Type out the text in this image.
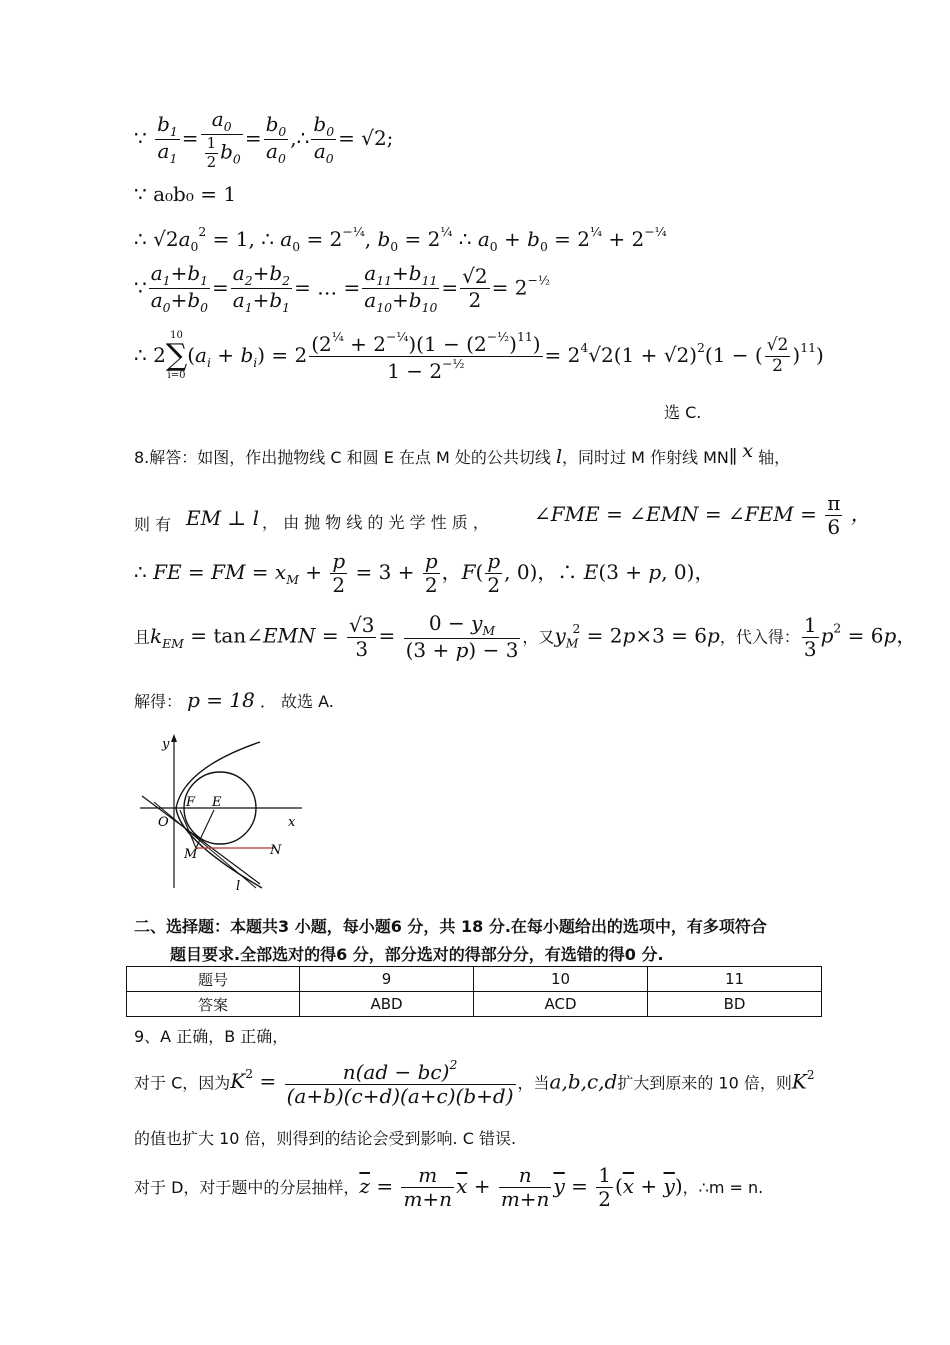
∵ $\frac{b_1}{a_1} = \frac{a_0}{\frac{1}{2} b_0} = \frac{b_0}{a_0}$ ,∴ $\frac{b_0}{a_0} = √2$;
∵ a₀b₀ = 1
∴ $√2a_0^2 = 1$, ∴ $a_0 = 2^{-\frac{1}{4}}$, $b_0 = 2^{\frac{1}{4}}$ ∴ $a_0 + b_0 = 2^{\frac{1}{4}} + 2^{-\frac{1}{4}}$
∵ $\frac{a_1+b_1}{a_0+b_0} = \frac{a_2+b_2}{a_1+b_1}$ = … = $\frac{a_{11}+b_{11}}{a_{10}+b_{10}} = \frac{√2}{2} = 2^{-\frac{1}{2}}$
∴ 2
10
∑
i=0
$(a_i + b_i) = 2 \frac{(2^{\frac{1}{4}} + 2^{-\frac{1}{4}})(1 - (2^{-\frac{1}{2}})^{11})}{1 - 2^{-\frac{1}{2}}} = 2^4√2(1 + √2)^2(1$ − ( $\frac{√2}{2} )^{11}$)
选 C.
8.解答：如图，作出抛物线 C 和圆 E 在点 M 处的公共切线 l，同时过 M 作射线 MN∥ x 轴，
则 有 EM ⊥ l ， 由 抛 物 线 的 光 学 性 质 ， ∠FME = ∠EMN = ∠FEM = $\frac{\pi}{6}$ ，
∴ FE = FM = $x_M + \frac{p}{2} = 3 + \frac{p}{2}$ ，$F( \frac{p}{2}$ , 0)，∴ E(3 + p, 0)，
且$k_{EM}$ = tan∠EMN = $\frac{√3}{3} = \frac{0 - y_M}{(3 + p) - 3}$ ，又$y_M^2 = 2p\times 3 = 6p$，代入得： $\frac{1}{3} p^2 = 6p$，
解得： p = 18 ． 故选 A.
y
x
O
F E
M	N
l
二、选择题：本题共3 小题，每小题6 分，共 18 分.在每小题给出的选项中，有多项符合
题目要求.全部选对的得6 分，部分选对的得部分分，有选错的得0 分.
题号	9	10	11
答案	ABD	ACD	BD
9、A 正确，B 正确，
对于 C，因为$K^2 = \frac{n(ad - bc)^2}{(a+b)(c+d)(a+c)(b+d)}$ ，当a,b,c,d扩大到原来的 10 倍，则$K^2$
的值也扩大 10 倍，则得到的结论会受到影响. C 错误.
对于 D，对于题中的分层抽样，$\overline{z} = \frac{m}{m+n} \overline{x} + \frac{n}{m+n} \overline{y} = \frac{1}{2} (\overline{x} + \overline{y})$，∴m = n.
